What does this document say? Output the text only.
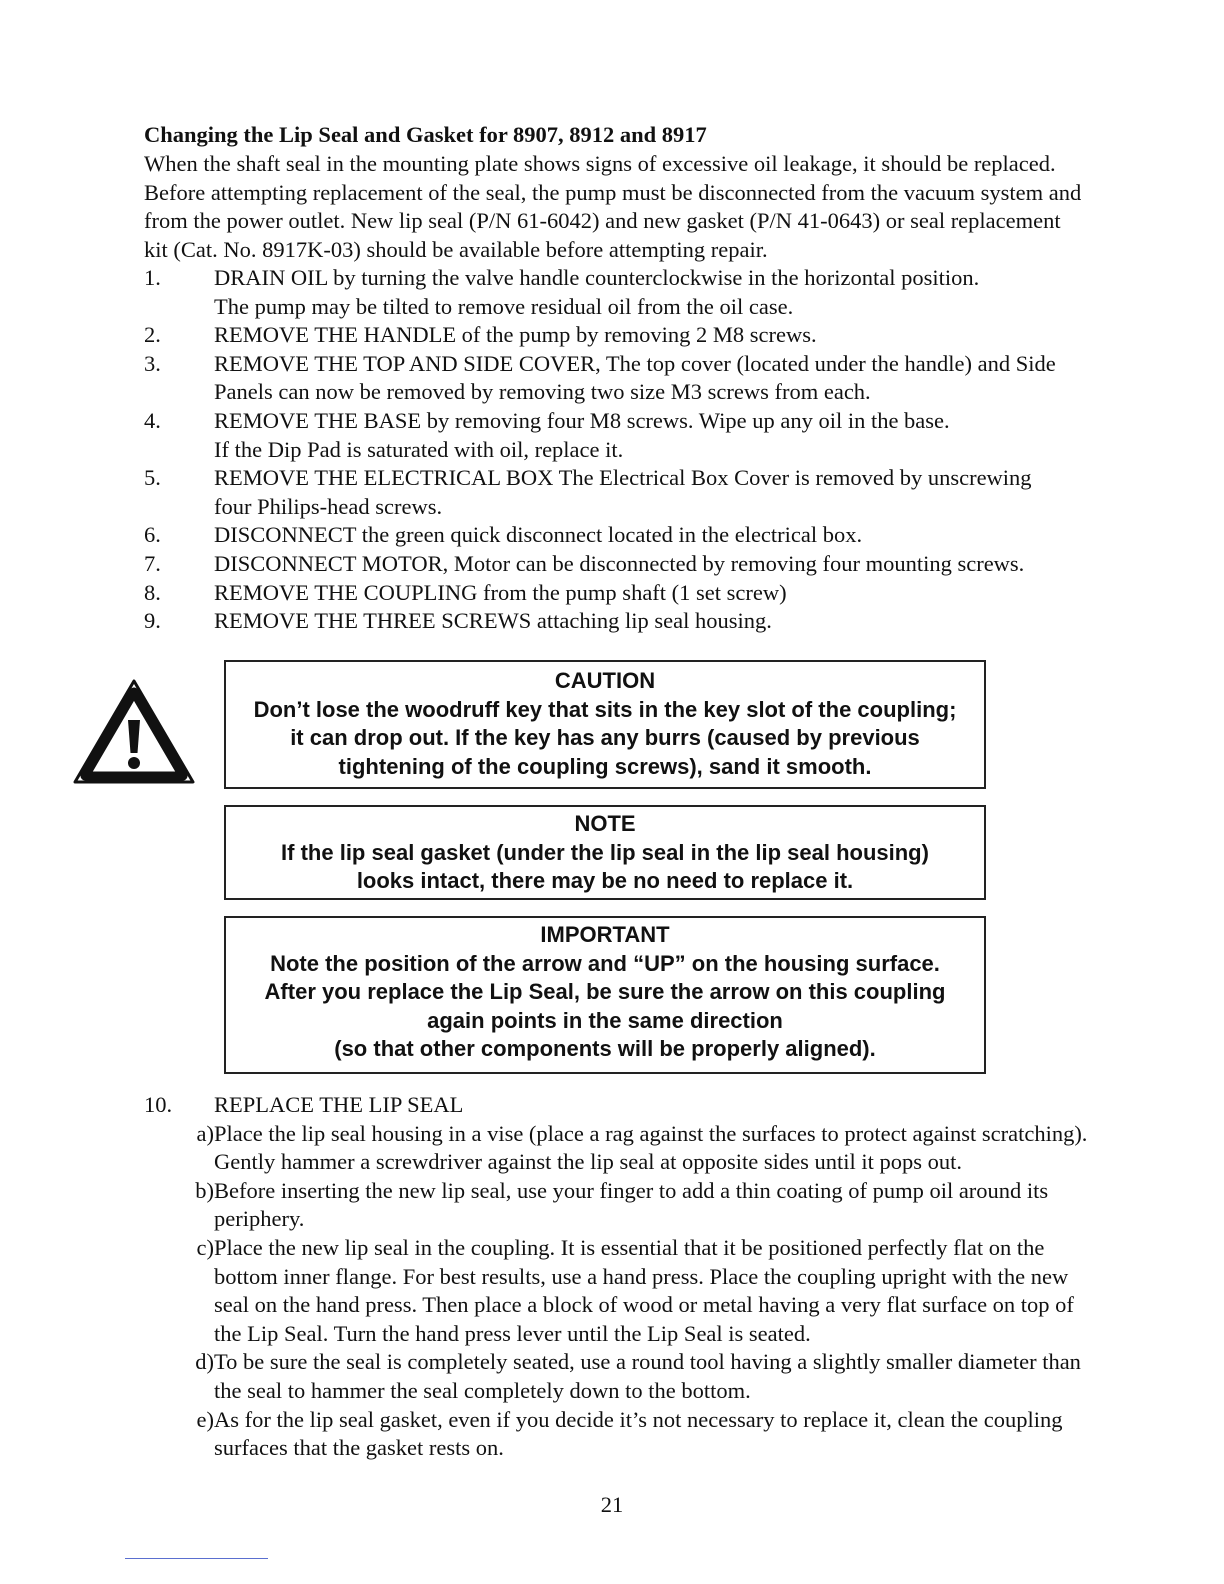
Changing the Lip Seal and Gasket for 8907, 8912 and 8917
When the shaft seal in the mounting plate shows signs of excessive oil leakage, it should be replaced.
Before attempting replacement of the seal, the pump must be disconnected from the vacuum system and
from the power outlet. New lip seal (P/N 61-6042) and new gasket (P/N 41-0643) or seal replacement
kit (Cat. No. 8917K-03) should be available before attempting repair.
1.	DRAIN OIL by turning the valve handle counterclockwise in the horizontal position.
The pump may be tilted to remove residual oil from the oil case.
2.	REMOVE THE HANDLE of the pump by removing 2 M8 screws.
3.	REMOVE THE TOP AND SIDE COVER, The top cover (located under the handle) and Side
Panels can now be removed by removing two size M3 screws from each.
4.	REMOVE THE BASE by removing four M8 screws. Wipe up any oil in the base.
If the Dip Pad is saturated with oil, replace it.
5.	REMOVE THE ELECTRICAL BOX The Electrical Box Cover is removed by unscrewing
four Philips-head screws.
6.	DISCONNECT the green quick disconnect located in the electrical box.
7.	DISCONNECT MOTOR, Motor can be disconnected by removing four mounting screws.
8.	REMOVE THE COUPLING from the pump shaft (1 set screw)
9.	REMOVE THE THREE SCREWS attaching lip seal housing.
CAUTION
Don’t lose the woodruff key that sits in the key slot of the coupling;
it can drop out. If the key has any burrs (caused by previous
tightening of the coupling screws), sand it smooth.
NOTE
If the lip seal gasket (under the lip seal in the lip seal housing)
looks intact, there may be no need to replace it.
IMPORTANT
Note the position of the arrow and “UP” on the housing surface.
After you replace the Lip Seal, be sure the arrow on this coupling
again points in the same direction
(so that other components will be properly aligned).
10.	REPLACE THE LIP SEAL
a) Place the lip seal housing in a vise (place a rag against the surfaces to protect against scratching).
Gently hammer a screwdriver against the lip seal at opposite sides until it pops out.
b) Before inserting the new lip seal, use your finger to add a thin coating of pump oil around its
periphery.
c) Place the new lip seal in the coupling. It is essential that it be positioned perfectly flat on the
bottom inner flange. For best results, use a hand press. Place the coupling upright with the new
seal on the hand press. Then place a block of wood or metal having a very flat surface on top of
the Lip Seal. Turn the hand press lever until the Lip Seal is seated.
d) To be sure the seal is completely seated, use a round tool having a slightly smaller diameter than
the seal to hammer the seal completely down to the bottom.
e) As for the lip seal gasket, even if you decide it’s not necessary to replace it, clean the coupling
surfaces that the gasket rests on.
21
